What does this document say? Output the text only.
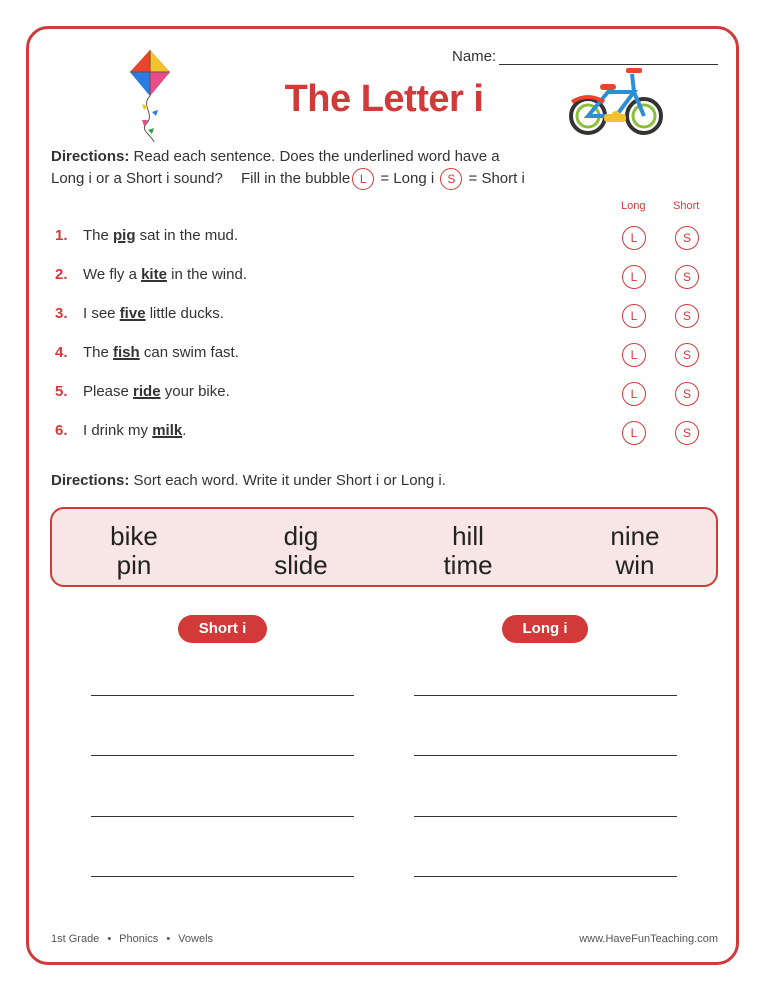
Name:
The Letter i
Directions: Read each sentence. Does the underlined word have a
Long i or a Short i sound? Fill in the bubble L = Long i S = Short i
Long	Short
1. The pig sat in the mud.	L	S
2. We fly a kite in the wind.	L	S
3. I see five little ducks.	L	S
4. The fish can swim fast.	L	S
5. Please ride your bike.	L	S
6. I drink my milk.	L	S
Directions: Sort each word. Write it under Short i or Long i.
bike	dig	hill	nine
pin	slide	time	win
Short i	Long i
1st Grade • Phonics • Vowels	www.HaveFunTeaching.com
